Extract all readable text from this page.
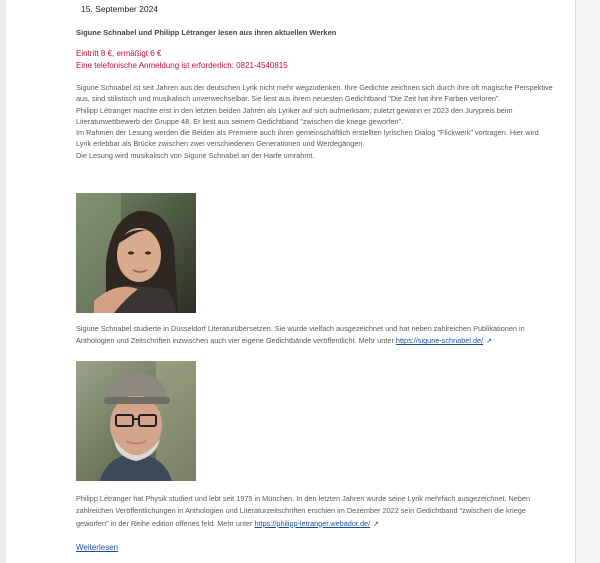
15. September 2024
Sigune Schnabel und Philipp Létranger lesen aus ihren aktuellen Werken
Eintritt 8 €, ermäßigt 6 €
Eine telefonische Anmeldung ist erforderlich: 0821-4540815

Sigune Schnabel ist seit Jahren aus der deutschen Lyrik nicht mehr wegzudenken. Ihre Gedichte zeichnen sich durch ihre oft magische Perspektive aus, sind stilistisch und musikalisch unverwechselbar. Sie liest aus ihrem neuesten Gedichtband "Die Zeit hat ihre Farben verloren".

Philipp Létranger machte erst in den letzten beiden Jahren als Lyriker auf sich aufmerksam; zuletzt gewann er 2023 den Jurypreis beim Literaturwettbewerb der Gruppe 48. Er liest aus seinem Gedichtband "zwischen die kriege geworfen".

Im Rahmen der Lesung werden die Beiden als Premiere auch ihren gemeinschaftlich erstellten lyrischen Dialog "Flickwerk" vortragen. Hier wird Lyrik erlebbar als Brücke zwischen zwei verschiedenen Generationen und Werdegängen.

Die Lesung wird musikalisch von Sigune Schnabel an der Harfe umrahmt.

Sigune Schnabel studierte in Düsseldorf Literaturübersetzen. Sie wurde vielfach ausgezeichnet und hat neben zahlreichen Publikationen in Anthologien und Zeitschriften inzwischen auch vier eigene Gedichtbände veröffentlicht. Mehr unter https://sigune-schnabel.de/ ↗
Philipp Létranger hat Physik studiert und lebt seit 1975 in München. In den letzten Jahren wurde seine Lyrik mehrfach ausgezeichnet. Neben zahlreichen Veröffentlichungen in Anthologien und Literaturzeitschriften erschien im Dezember 2022 sein Gedichtband "zwischen die kriege geworfen" in der Reihe edition offenes feld. Mehr unter https://philipp-letranger.webador.de/ ↗
Weiterlesen
